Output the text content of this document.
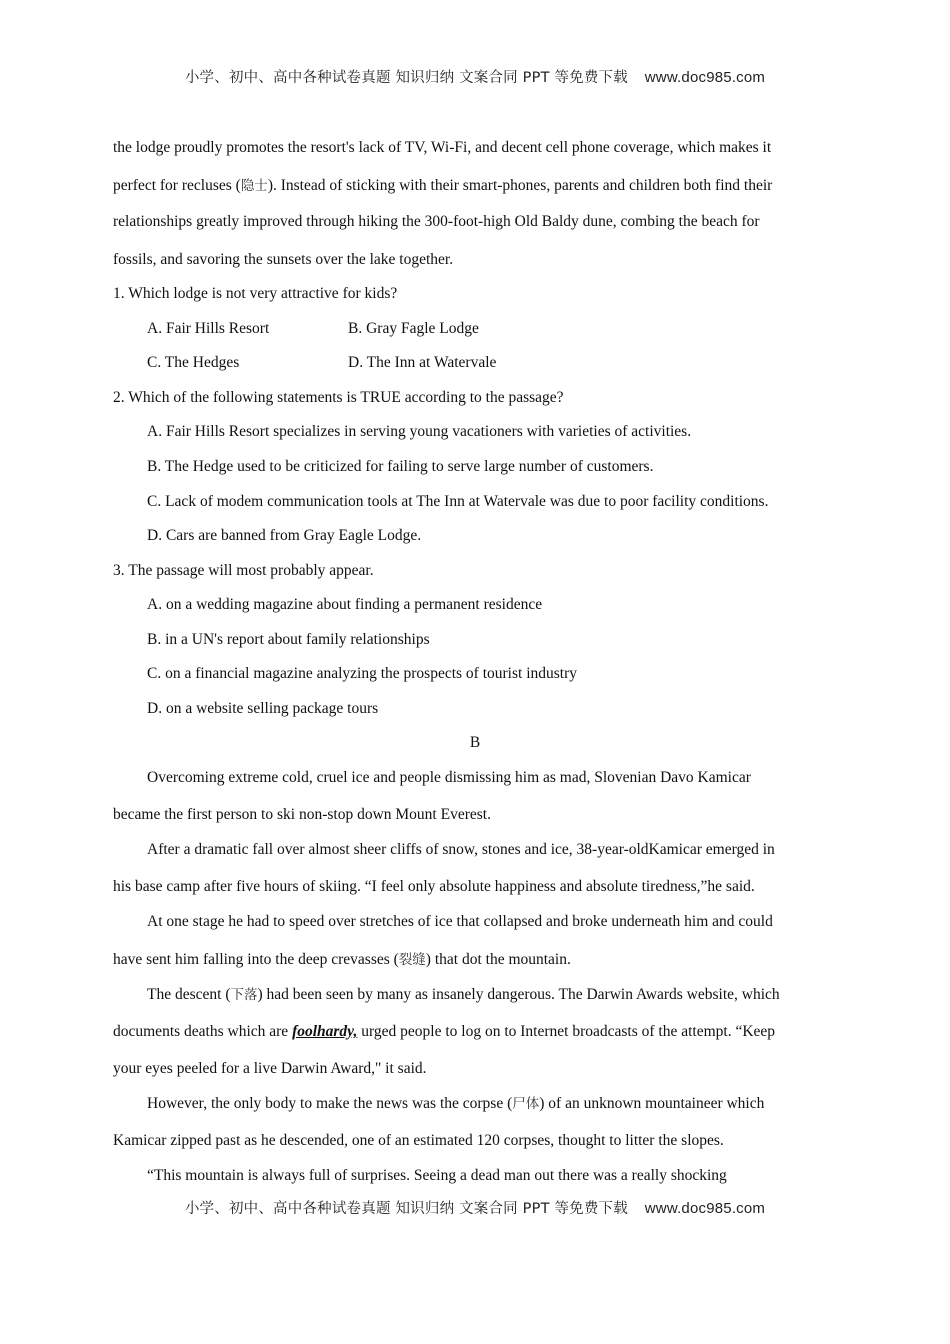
小学、初中、高中各种试卷真题 知识归纳 文案合同 PPT 等免费下载 www.doc985.com
the lodge proudly promotes the resort's lack of TV, Wi-Fi, and decent cell phone coverage, which makes it
perfect for recluses (隐士). Instead of sticking with their smart-phones, parents and children both find their
relationships greatly improved through hiking the 300-foot-high Old Baldy dune, combing the beach for
fossils, and savoring the sunsets over the lake together.
1. Which lodge is not very attractive for kids?
A. Fair Hills Resort	B. Gray Fagle Lodge
C. The Hedges	D. The Inn at Watervale
2. Which of the following statements is TRUE according to the passage?
A. Fair Hills Resort specializes in serving young vacationers with varieties of activities.
B. The Hedge used to be criticized for failing to serve large number of customers.
C. Lack of modem communication tools at The Inn at Watervale was due to poor facility conditions.
D. Cars are banned from Gray Eagle Lodge.
3. The passage will most probably appear.
A. on a wedding magazine about finding a permanent residence
B. in a UN's report about family relationships
C. on a financial magazine analyzing the prospects of tourist industry
D. on a website selling package tours
B
Overcoming extreme cold, cruel ice and people dismissing him as mad, Slovenian Davo Kamicar
became the first person to ski non-stop down Mount Everest.
After a dramatic fall over almost sheer cliffs of snow, stones and ice, 38-year-oldKamicar emerged in
his base camp after five hours of skiing. “I feel only absolute happiness and absolute tiredness,”he said.
At one stage he had to speed over stretches of ice that collapsed and broke underneath him and could
have sent him falling into the deep crevasses (裂缝) that dot the mountain.
The descent (下落) had been seen by many as insanely dangerous. The Darwin Awards website, which
documents deaths which are foolhardy, urged people to log on to Internet broadcasts of the attempt. “Keep
your eyes peeled for a live Darwin Award," it said.
However, the only body to make the news was the corpse (尸体) of an unknown mountaineer which
Kamicar zipped past as he descended, one of an estimated 120 corpses, thought to litter the slopes.
“This mountain is always full of surprises. Seeing a dead man out there was a really shocking
小学、初中、高中各种试卷真题 知识归纳 文案合同 PPT 等免费下载 www.doc985.com
